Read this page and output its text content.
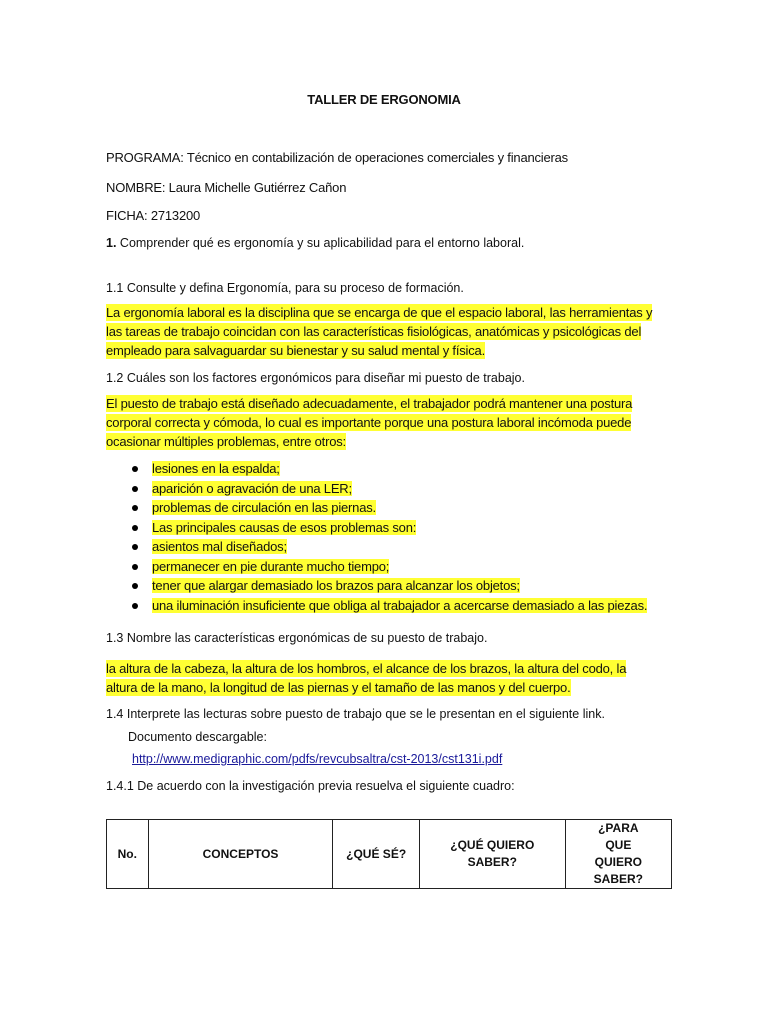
TALLER DE ERGONOMIA
PROGRAMA: Técnico en contabilización de operaciones comerciales y financieras
NOMBRE: Laura Michelle Gutiérrez Cañon
FICHA: 2713200
1. Comprender qué es ergonomía y su aplicabilidad para el entorno laboral.
1.1 Consulte y defina Ergonomía, para su proceso de formación.
La ergonomía laboral es la disciplina que se encarga de que el espacio laboral, las herramientas y las tareas de trabajo coincidan con las características fisiológicas, anatómicas y psicológicas del empleado para salvaguardar su bienestar y su salud mental y física.
1.2 Cuáles son los factores ergonómicos para diseñar mi puesto de trabajo.
El puesto de trabajo está diseñado adecuadamente, el trabajador podrá mantener una postura corporal correcta y cómoda, lo cual es importante porque una postura laboral incómoda puede ocasionar múltiples problemas, entre otros:
lesiones en la espalda;
aparición o agravación de una LER;
problemas de circulación en las piernas.
Las principales causas de esos problemas son:
asientos mal diseñados;
permanecer en pie durante mucho tiempo;
tener que alargar demasiado los brazos para alcanzar los objetos;
una iluminación insuficiente que obliga al trabajador a acercarse demasiado a las piezas.
1.3 Nombre las características ergonómicas de su puesto de trabajo.
la altura de la cabeza, la altura de los hombros, el alcance de los brazos, la altura del codo, la altura de la mano, la longitud de las piernas y el tamaño de las manos y del cuerpo.
1.4 Interprete las lecturas sobre puesto de trabajo que se le presentan en el siguiente link.
Documento descargable:
http://www.medigraphic.com/pdfs/revcubsaltra/cst-2013/cst131i.pdf
1.4.1 De acuerdo con la investigación previa resuelva el siguiente cuadro:
No.	CONCEPTOS	¿QUÉ SÉ?	¿QUÉ QUIERO SABER?	¿PARA QUE QUIERO SABER?
